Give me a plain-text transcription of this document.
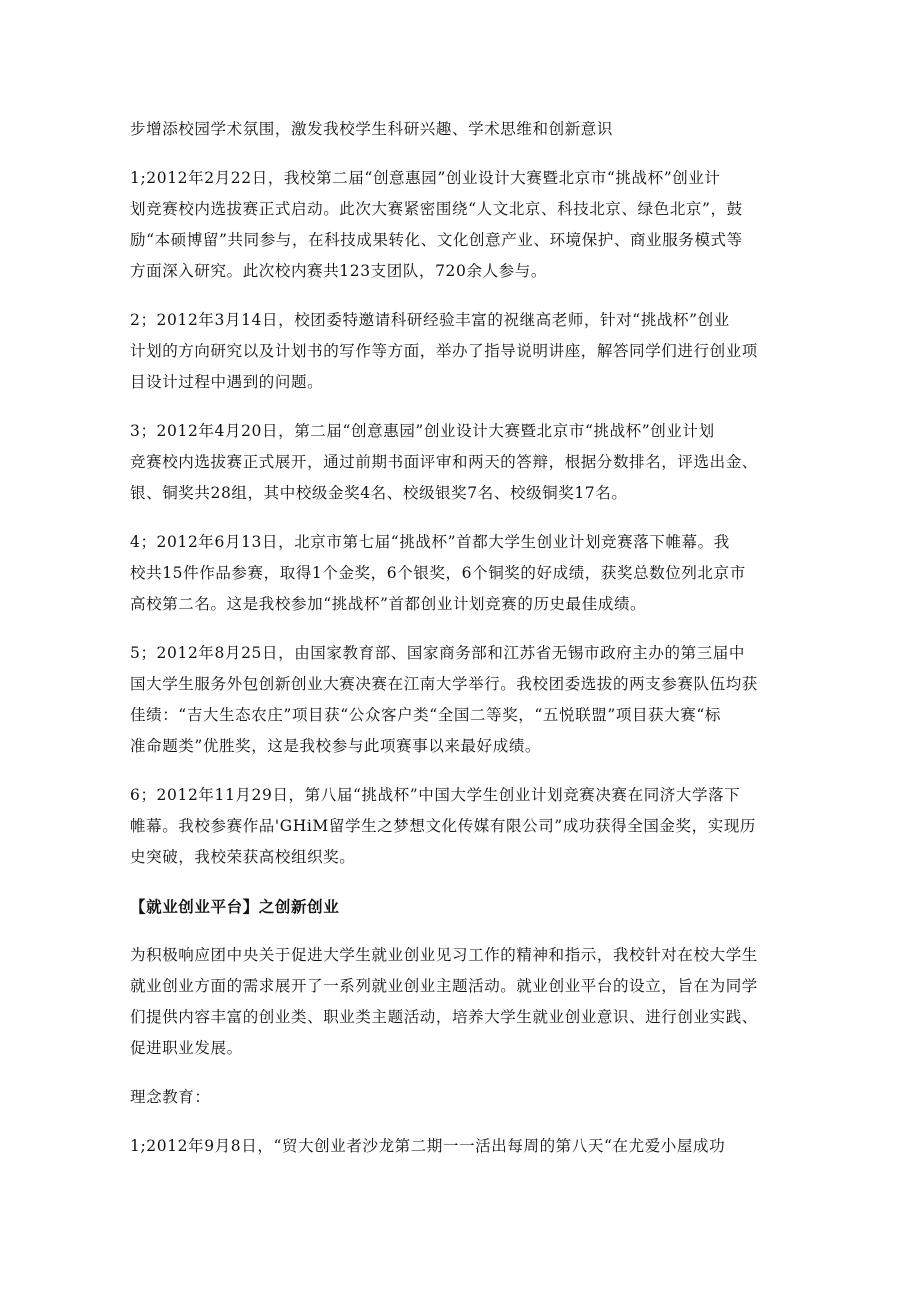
步增添校园学术氛围，激发我校学生科研兴趣、学术思维和创新意识

1;2012年2月22日，我校第二届“创意惠园”创业设计大赛暨北京市“挑战杯”创业计
划竞赛校内选拔赛正式启动。此次大赛紧密围绕“人文北京、科技北京、绿色北京”，鼓
励“本硕博留”共同参与，在科技成果转化、文化创意产业、环境保护、商业服务模式等
方面深入研究。此次校内赛共123支团队，720余人参与。

2；2012年3月14日，校团委特邀请科研经验丰富的祝继高老师，针对“挑战杯”创业
计划的方向研究以及计划书的写作等方面，举办了指导说明讲座，解答同学们进行创业项
目设计过程中遇到的问题。

3；2012年4月20日，第二届“创意惠园”创业设计大赛暨北京市“挑战杯”创业计划
竞赛校内选拔赛正式展开，通过前期书面评审和两天的答辩，根据分数排名，评选出金、
银、铜奖共28组，其中校级金奖4名、校级银奖7名、校级铜奖17名。

4；2012年6月13日，北京市第七届“挑战杯”首都大学生创业计划竞赛落下帷幕。我
校共15件作品参赛，取得1个金奖，6个银奖，6个铜奖的好成绩，获奖总数位列北京市
高校第二名。这是我校参加“挑战杯”首都创业计划竞赛的历史最佳成绩。

5；2012年8月25日，由国家教育部、国家商务部和江苏省无锡市政府主办的第三届中
国大学生服务外包创新创业大赛决赛在江南大学举行。我校团委选拔的两支参赛队伍均获
佳绩：“吉大生态农庄”项目获“公众客户类“全国二等奖，“五悦联盟”项目获大赛“标
准命题类”优胜奖，这是我校参与此项赛事以来最好成绩。

6；2012年11月29日，第八届“挑战杯”中国大学生创业计划竞赛决赛在同济大学落下
帷幕。我校参赛作品'GHiM留学生之梦想文化传媒有限公司”成功获得全国金奖，实现历
史突破，我校荣获高校组织奖。

【就业创业平台】之创新创业

为积极响应团中央关于促进大学生就业创业见习工作的精神和指示，我校针对在校大学生
就业创业方面的需求展开了一系列就业创业主题活动。就业创业平台的设立，旨在为同学
们提供内容丰富的创业类、职业类主题活动，培养大学生就业创业意识、进行创业实践、
促进职业发展。

理念教育：

1;2012年9月8日，“贸大创业者沙龙第二期一一活出每周的第八天“在尤爱小屋成功
